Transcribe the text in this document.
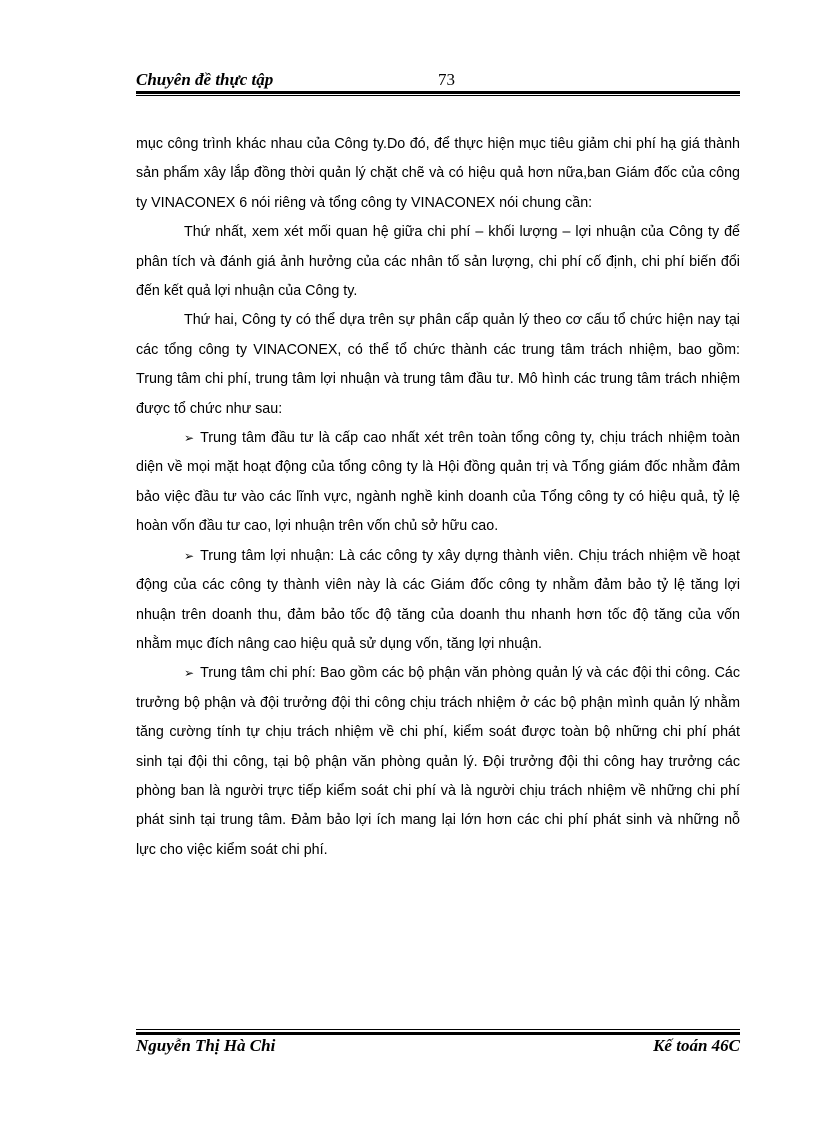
Chuyên đề thực tập	73

mục công trình khác nhau của Công ty.Do đó, để thực hiện mục tiêu giảm chi phí hạ giá thành sản phẩm xây lắp đồng thời quản lý chặt chẽ và có hiệu quả hơn nữa,ban Giám đốc của công ty VINACONEX 6 nói riêng và tổng công ty VINACONEX nói chung cần:

Thứ nhất, xem xét mối quan hệ giữa chi phí – khối lượng – lợi nhuận của Công ty để phân tích và đánh giá ảnh hưởng của các nhân tố sản lượng, chi phí cố định, chi phí biến đổi đến kết quả lợi nhuận của Công ty.

Thứ hai, Công ty có thể dựa trên sự phân cấp quản lý theo cơ cấu tổ chức hiện nay tại các tổng công ty VINACONEX, có thể tổ chức thành các trung tâm trách nhiệm, bao gồm: Trung tâm chi phí, trung tâm lợi nhuận và trung tâm đầu tư. Mô hình các trung tâm trách nhiệm được tổ chức như sau:

➢ Trung tâm đầu tư là cấp cao nhất xét trên toàn tổng công ty, chịu trách nhiệm toàn diện về mọi mặt hoạt động của tổng công ty là Hội đồng quản trị và Tổng giám đốc nhằm đảm bảo việc đầu tư vào các lĩnh vực, ngành nghề kinh doanh của Tổng công ty có hiệu quả, tỷ lệ hoàn vốn đầu tư cao, lợi nhuận trên vốn chủ sở hữu cao.

➢ Trung tâm lợi nhuận: Là các công ty xây dựng thành viên. Chịu trách nhiệm về hoạt động của các công ty thành viên này là các Giám đốc công ty nhằm đảm bảo tỷ lệ tăng lợi nhuận trên doanh thu, đảm bảo tốc độ tăng của doanh thu nhanh hơn tốc độ tăng của vốn nhằm mục đích nâng cao hiệu quả sử dụng vốn, tăng lợi nhuận.

➢ Trung tâm chi phí: Bao gồm các bộ phận văn phòng quản lý và các đội thi công. Các trưởng bộ phận và đội trưởng đội thi công chịu trách nhiệm ở các bộ phận mình quản lý nhằm tăng cường tính tự chịu trách nhiệm về chi phí, kiểm soát được toàn bộ những chi phí phát sinh tại đội thi công, tại bộ phận văn phòng quản lý. Đội trưởng đội thi công hay trưởng các phòng ban là người trực tiếp kiểm soát chi phí và là người chịu trách nhiệm về những chi phí phát sinh tại trung tâm. Đảm bảo lợi ích mang lại lớn hơn các chi phí phát sinh và những nỗ lực cho việc kiểm soát chi phí.

Nguyễn Thị Hà Chi	Kế toán 46C
